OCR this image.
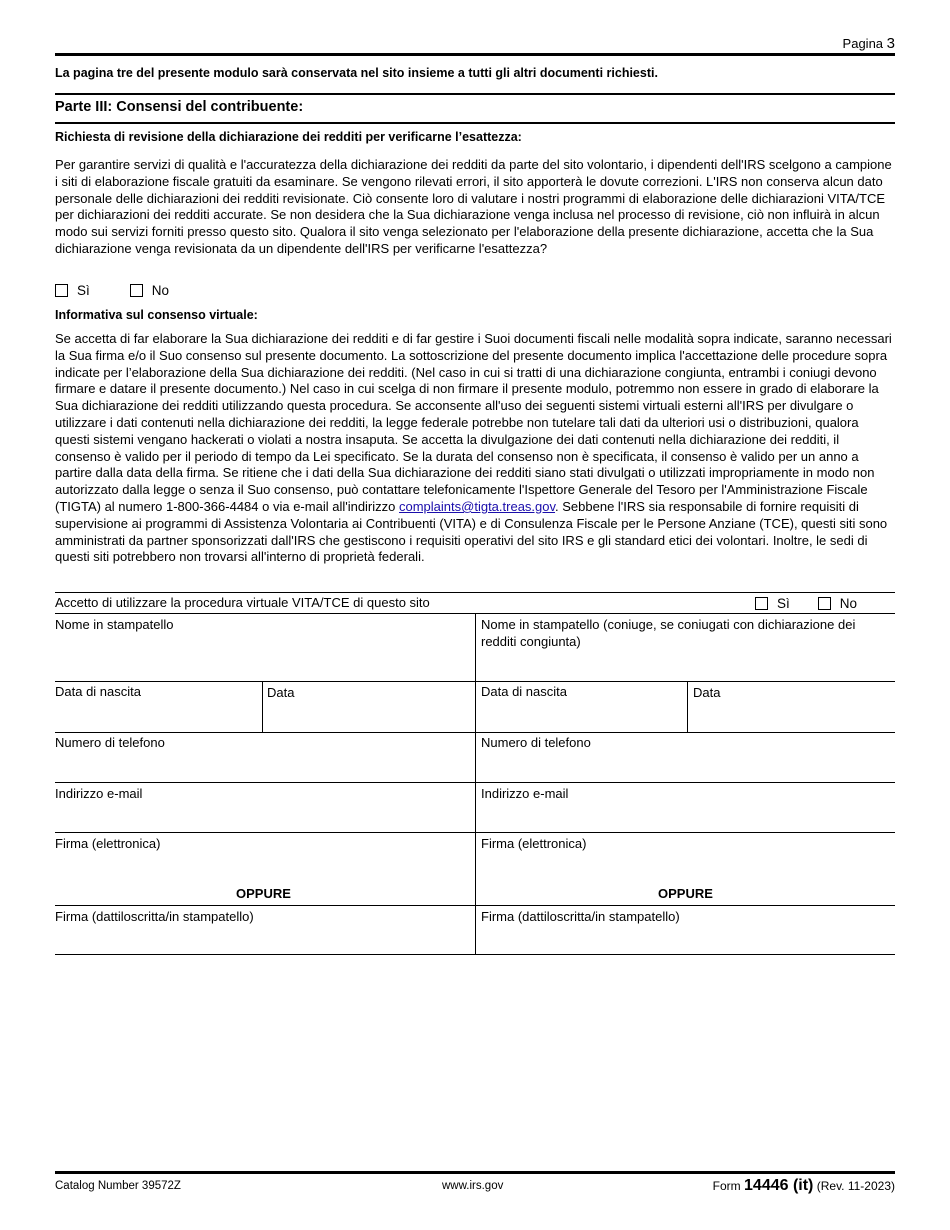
Pagina 3
La pagina tre del presente modulo sarà conservata nel sito insieme a tutti gli altri documenti richiesti.
Parte III: Consensi del contribuente:
Richiesta di revisione della dichiarazione dei redditi per verificarne l’esattezza:

Per garantire servizi di qualità e l'accuratezza della dichiarazione dei redditi da parte del sito volontario, i dipendenti dell'IRS scelgono a campione i siti di elaborazione fiscale gratuiti da esaminare. Se vengono rilevati errori, il sito apporterà le dovute correzioni. L'IRS non conserva alcun dato personale delle dichiarazioni dei redditi revisionate. Ciò consente loro di valutare i nostri programmi di elaborazione delle dichiarazioni VITA/TCE per dichiarazioni dei redditi accurate. Se non desidera che la Sua dichiarazione venga inclusa nel processo di revisione, ciò non influirà in alcun modo sui servizi forniti presso questo sito. Qualora il sito venga selezionato per l'elaborazione della presente dichiarazione, accetta che la Sua dichiarazione venga revisionata da un dipendente dell'IRS per verificarne l'esattezza?

Sì	No
Informativa sul consenso virtuale:

Se accetta di far elaborare la Sua dichiarazione dei redditi e di far gestire i Suoi documenti fiscali nelle modalità sopra indicate, saranno necessari la Sua firma e/o il Suo consenso sul presente documento. La sottoscrizione del presente documento implica l'accettazione delle procedure sopra indicate per l’elaborazione della Sua dichiarazione dei redditi. (Nel caso in cui si tratti di una dichiarazione congiunta, entrambi i coniugi devono firmare e datare il presente documento.) Nel caso in cui scelga di non firmare il presente modulo, potremmo non essere in grado di elaborare la Sua dichiarazione dei redditi utilizzando questa procedura. Se acconsente all'uso dei seguenti sistemi virtuali esterni all'IRS per divulgare o utilizzare i dati contenuti nella dichiarazione dei redditi, la legge federale potrebbe non tutelare tali dati da ulteriori usi o distribuzioni, qualora questi sistemi vengano hackerati o violati a nostra insaputa. Se accetta la divulgazione dei dati contenuti nella dichiarazione dei redditi, il consenso è valido per il periodo di tempo da Lei specificato. Se la durata del consenso non è specificata, il consenso è valido per un anno a partire dalla data della firma. Se ritiene che i dati della Sua dichiarazione dei redditi siano stati divulgati o utilizzati impropriamente in modo non autorizzato dalla legge o senza il Suo consenso, può contattare telefonicamente l'Ispettore Generale del Tesoro per l'Amministrazione Fiscale (TIGTA) al numero 1-800-366-4484 o via e-mail all'indirizzo complaints@tigta.treas.gov. Sebbene l'IRS sia responsabile di fornire requisiti di supervisione ai programmi di Assistenza Volontaria ai Contribuenti (VITA) e di Consulenza Fiscale per le Persone Anziane (TCE), questi siti sono amministrati da partner sponsorizzati dall'IRS che gestiscono i requisiti operativi del sito IRS e gli standard etici dei volontari. Inoltre, le sedi di questi siti potrebbero non trovarsi all'interno di proprietà federali.

Accetto di utilizzare la procedura virtuale VITA/TCE di questo sito	Sì	No
Nome in stampatello	Nome in stampatello (coniuge, se coniugati con dichiarazione dei redditi congiunta)
Data di nascita	Data	Data di nascita	Data
Numero di telefono	Numero di telefono
Indirizzo e-mail	Indirizzo e-mail
Firma (elettronica)	Firma (elettronica)
OPPURE	OPPURE
Firma (dattiloscritta/in stampatello)	Firma (dattiloscritta/in stampatello)
Catalog Number 39572Z	www.irs.gov	Form 14446 (it) (Rev. 11-2023)
